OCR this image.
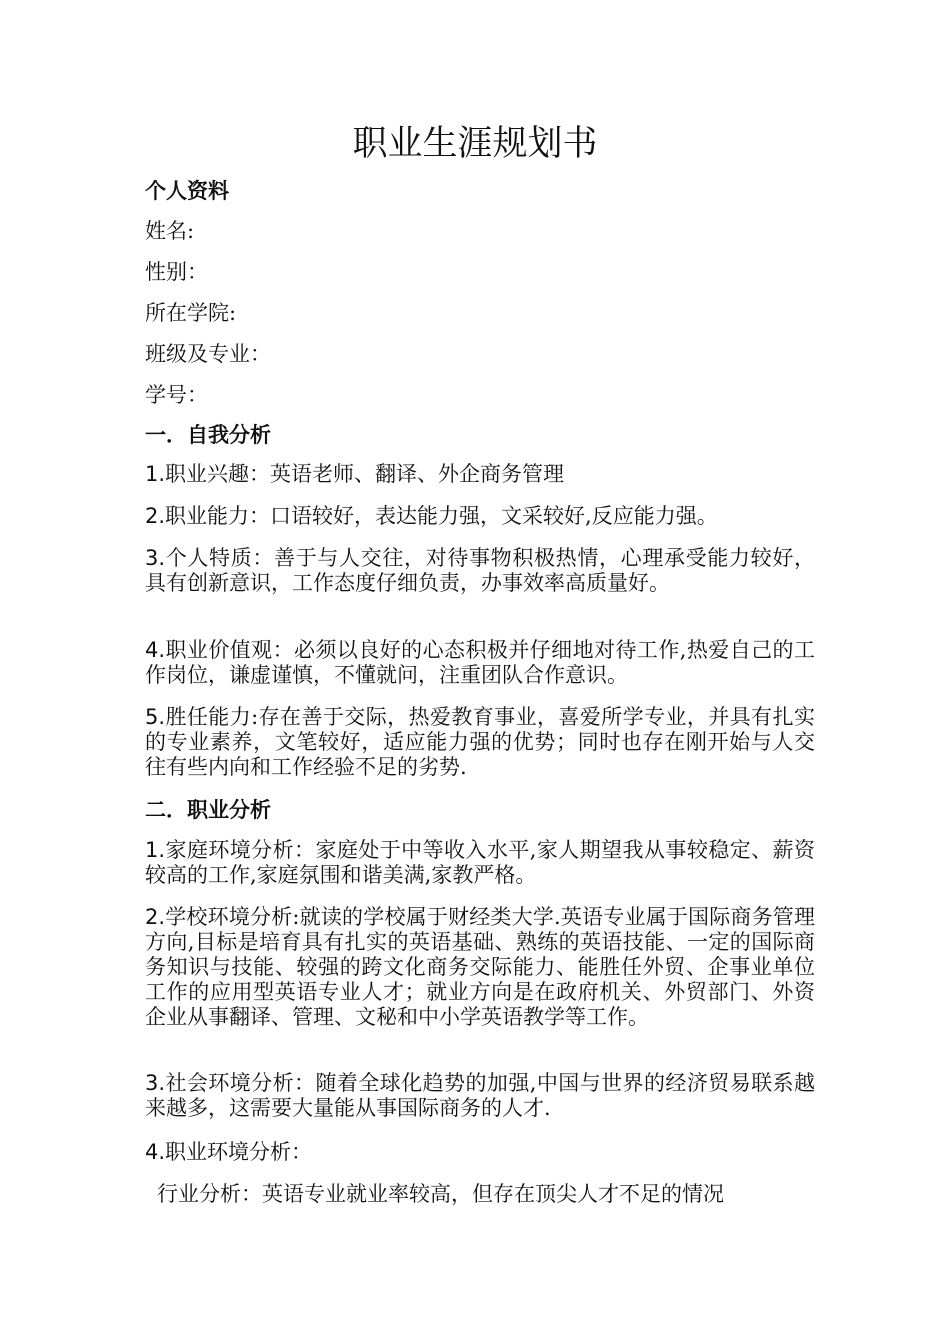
职业生涯规划书
个人资料
姓名:
性别：
所在学院:
班级及专业：
学号：
一．自我分析

1.职业兴趣：英语老师、翻译、外企商务管理

2.职业能力：口语较好，表达能力强，文采较好,反应能力强。

3.个人特质：善于与人交往，对待事物积极热情，心理承受能力较好，具有创新意识，工作态度仔细负责，办事效率高质量好。

4.职业价值观：必须以良好的心态积极并仔细地对待工作,热爱自己的工作岗位，谦虚谨慎，不懂就问，注重团队合作意识。

5.胜任能力:存在善于交际，热爱教育事业，喜爱所学专业，并具有扎实的专业素养，文笔较好，适应能力强的优势；同时也存在刚开始与人交往有些内向和工作经验不足的劣势.

二．职业分析

1.家庭环境分析：家庭处于中等收入水平,家人期望我从事较稳定、薪资较高的工作,家庭氛围和谐美满,家教严格。

2.学校环境分析:就读的学校属于财经类大学.英语专业属于国际商务管理方向,目标是培育具有扎实的英语基础、熟练的英语技能、一定的国际商务知识与技能、较强的跨文化商务交际能力、能胜任外贸、企事业单位工作的应用型英语专业人才；就业方向是在政府机关、外贸部门、外资企业从事翻译、管理、文秘和中小学英语教学等工作。

3.社会环境分析：随着全球化趋势的加强,中国与世界的经济贸易联系越来越多，这需要大量能从事国际商务的人才.

4.职业环境分析：

行业分析：英语专业就业率较高，但存在顶尖人才不足的情况
